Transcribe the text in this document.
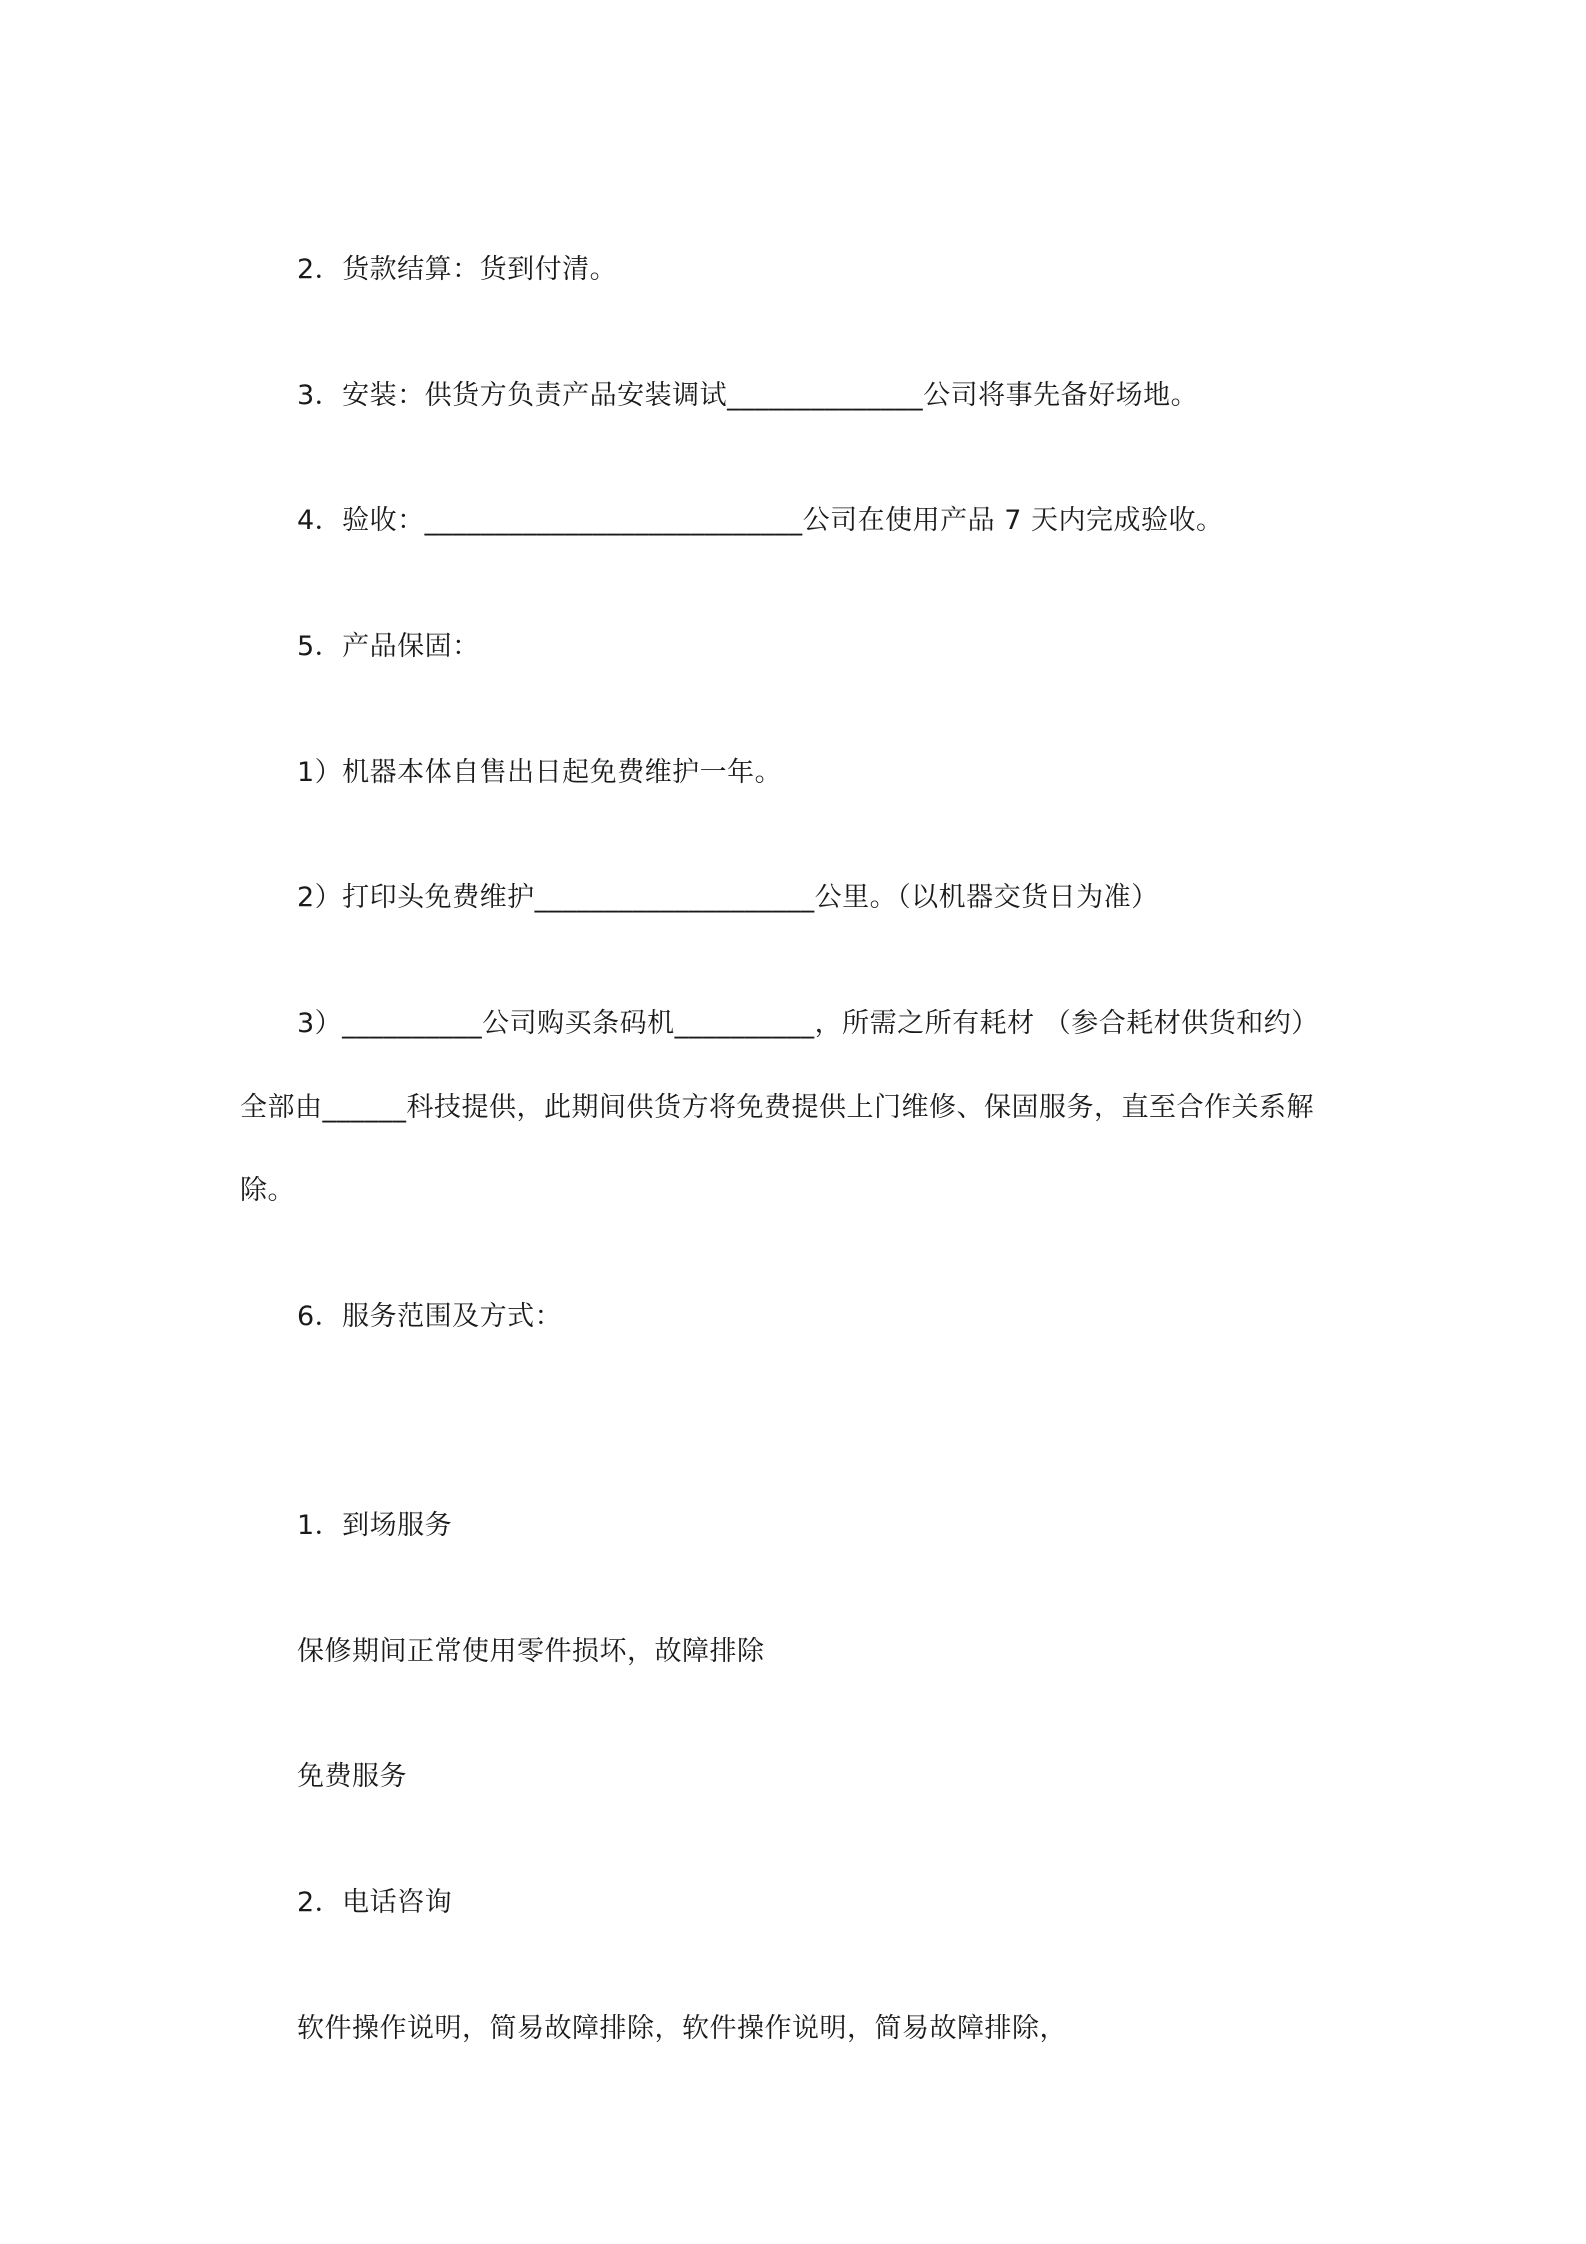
2．货款结算：货到付清。
3．安装：供货方负责产品安装调试______________公司将事先备好场地。
4．验收：___________________________公司在使用产品 7 天内完成验收。
5．产品保固：
1）机器本体自售出日起免费维护一年。
2）打印头免费维护____________________公里。（以机器交货日为准）
3）__________公司购买条码机__________，所需之所有耗材 （参合耗材供货和约）
全部由______科技提供，此期间供货方将免费提供上门维修、保固服务，直至合作关系解
除。
6．服务范围及方式：
1．到场服务
保修期间正常使用零件损坏，故障排除
免费服务
2．电话咨询
软件操作说明，简易故障排除，软件操作说明，简易故障排除，
